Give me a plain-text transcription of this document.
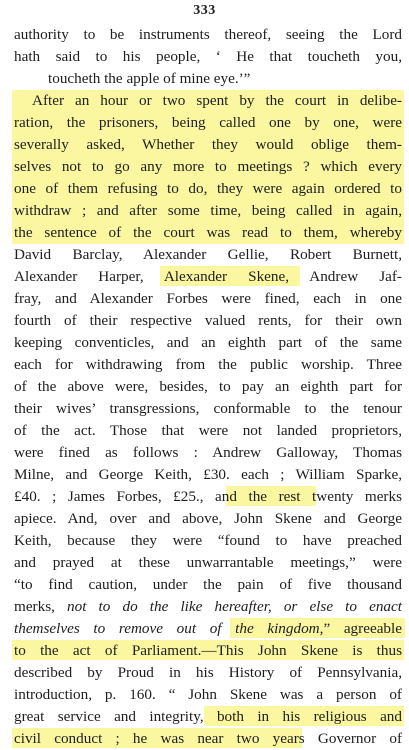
333
authority to be instruments thereof, seeing the Lord
hath said to his people, ‘ He that toucheth you,
toucheth the apple of mine eye.’”
After an hour or two spent by the court in delibe-
ration, the prisoners, being called one by one, were
severally asked, Whether they would oblige them-
selves not to go any more to meetings ? which every
one of them refusing to do, they were again ordered to
withdraw ; and after some time, being called in again,
the sentence of the court was read to them, whereby
David Barclay, Alexander Gellie, Robert Burnett,
Alexander Harper, Alexander Skene, Andrew Jaf-
fray, and Alexander Forbes were fined, each in one
fourth of their respective valued rents, for their own
keeping conventicles, and an eighth part of the same
each for withdrawing from the public worship. Three
of the above were, besides, to pay an eighth part for
their wives’ transgressions, conformable to the tenour
of the act. Those that were not landed proprietors,
were fined as follows : Andrew Galloway, Thomas
Milne, and George Keith, £30. each ; William Sparke,
£40. ; James Forbes, £25., and the rest twenty merks
apiece. And, over and above, John Skene and George
Keith, because they were “found to have preached
and prayed at these unwarrantable meetings,” were
“to find caution, under the pain of five thousand
merks, not to do the like hereafter, or else to enact
themselves to remove out of the kingdom,” agreeable
to the act of Parliament.—This John Skene is thus
described by Proud in his History of Pennsylvania,
introduction, p. 160. “ John Skene was a person of
great service and integrity, both in his religious and
civil conduct ; he was near two years Governor of
